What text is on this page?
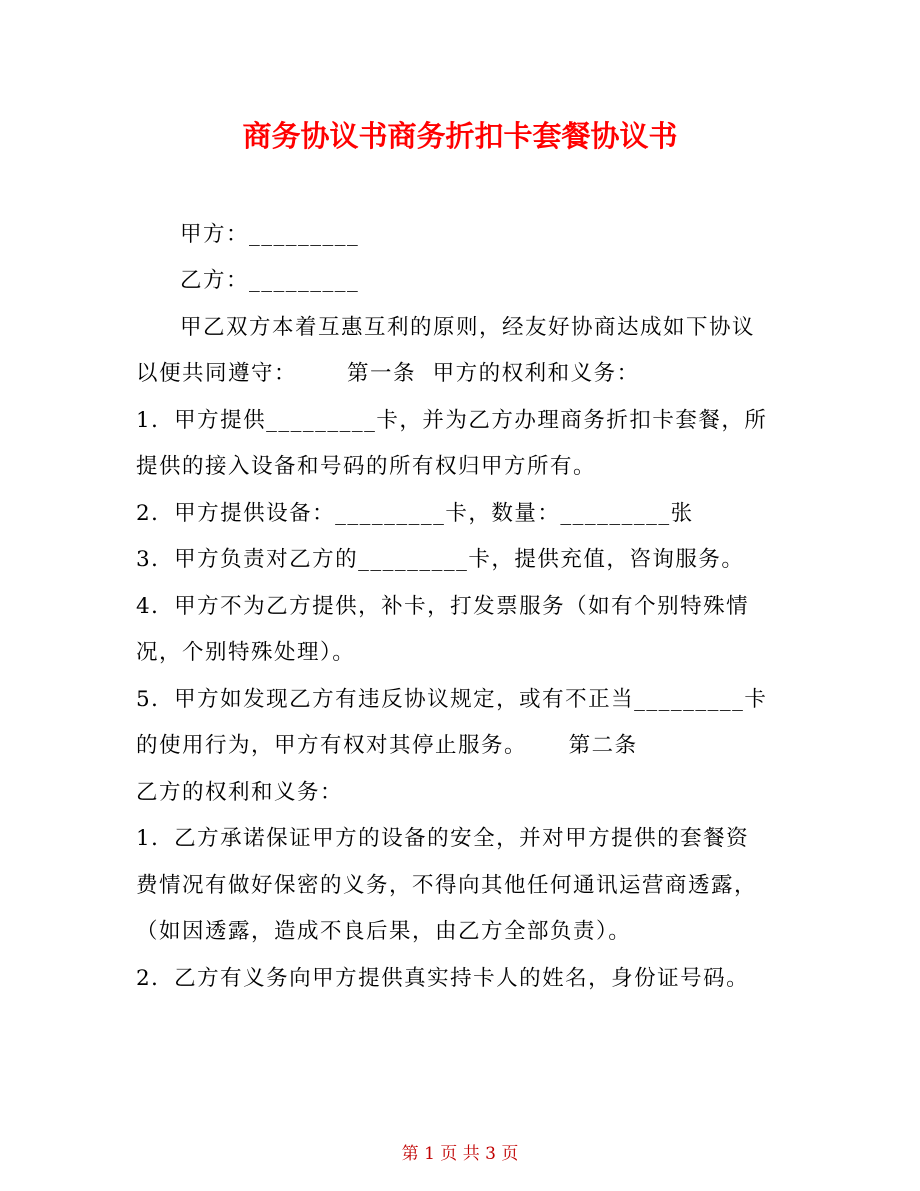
商务协议书商务折扣卡套餐协议书
甲方：_________
乙方：_________
甲乙双方本着互惠互利的原则，经友好协商达成如下协议
以便共同遵守：      第一条  甲方的权利和义务：
1．甲方提供_________卡，并为乙方办理商务折扣卡套餐，所
提供的接入设备和号码的所有权归甲方所有。
2．甲方提供设备：_________卡，数量：_________张
3．甲方负责对乙方的_________卡，提供充值，咨询服务。
4．甲方不为乙方提供，补卡，打发票服务（如有个别特殊情
况，个别特殊处理）。
5．甲方如发现乙方有违反协议规定，或有不正当_________卡
的使用行为，甲方有权对其停止服务。     第二条
乙方的权利和义务：
1．乙方承诺保证甲方的设备的安全，并对甲方提供的套餐资
费情况有做好保密的义务，不得向其他任何通讯运营商透露，
（如因透露，造成不良后果，由乙方全部负责）。
2．乙方有义务向甲方提供真实持卡人的姓名，身份证号码。
第 1 页 共 3 页
